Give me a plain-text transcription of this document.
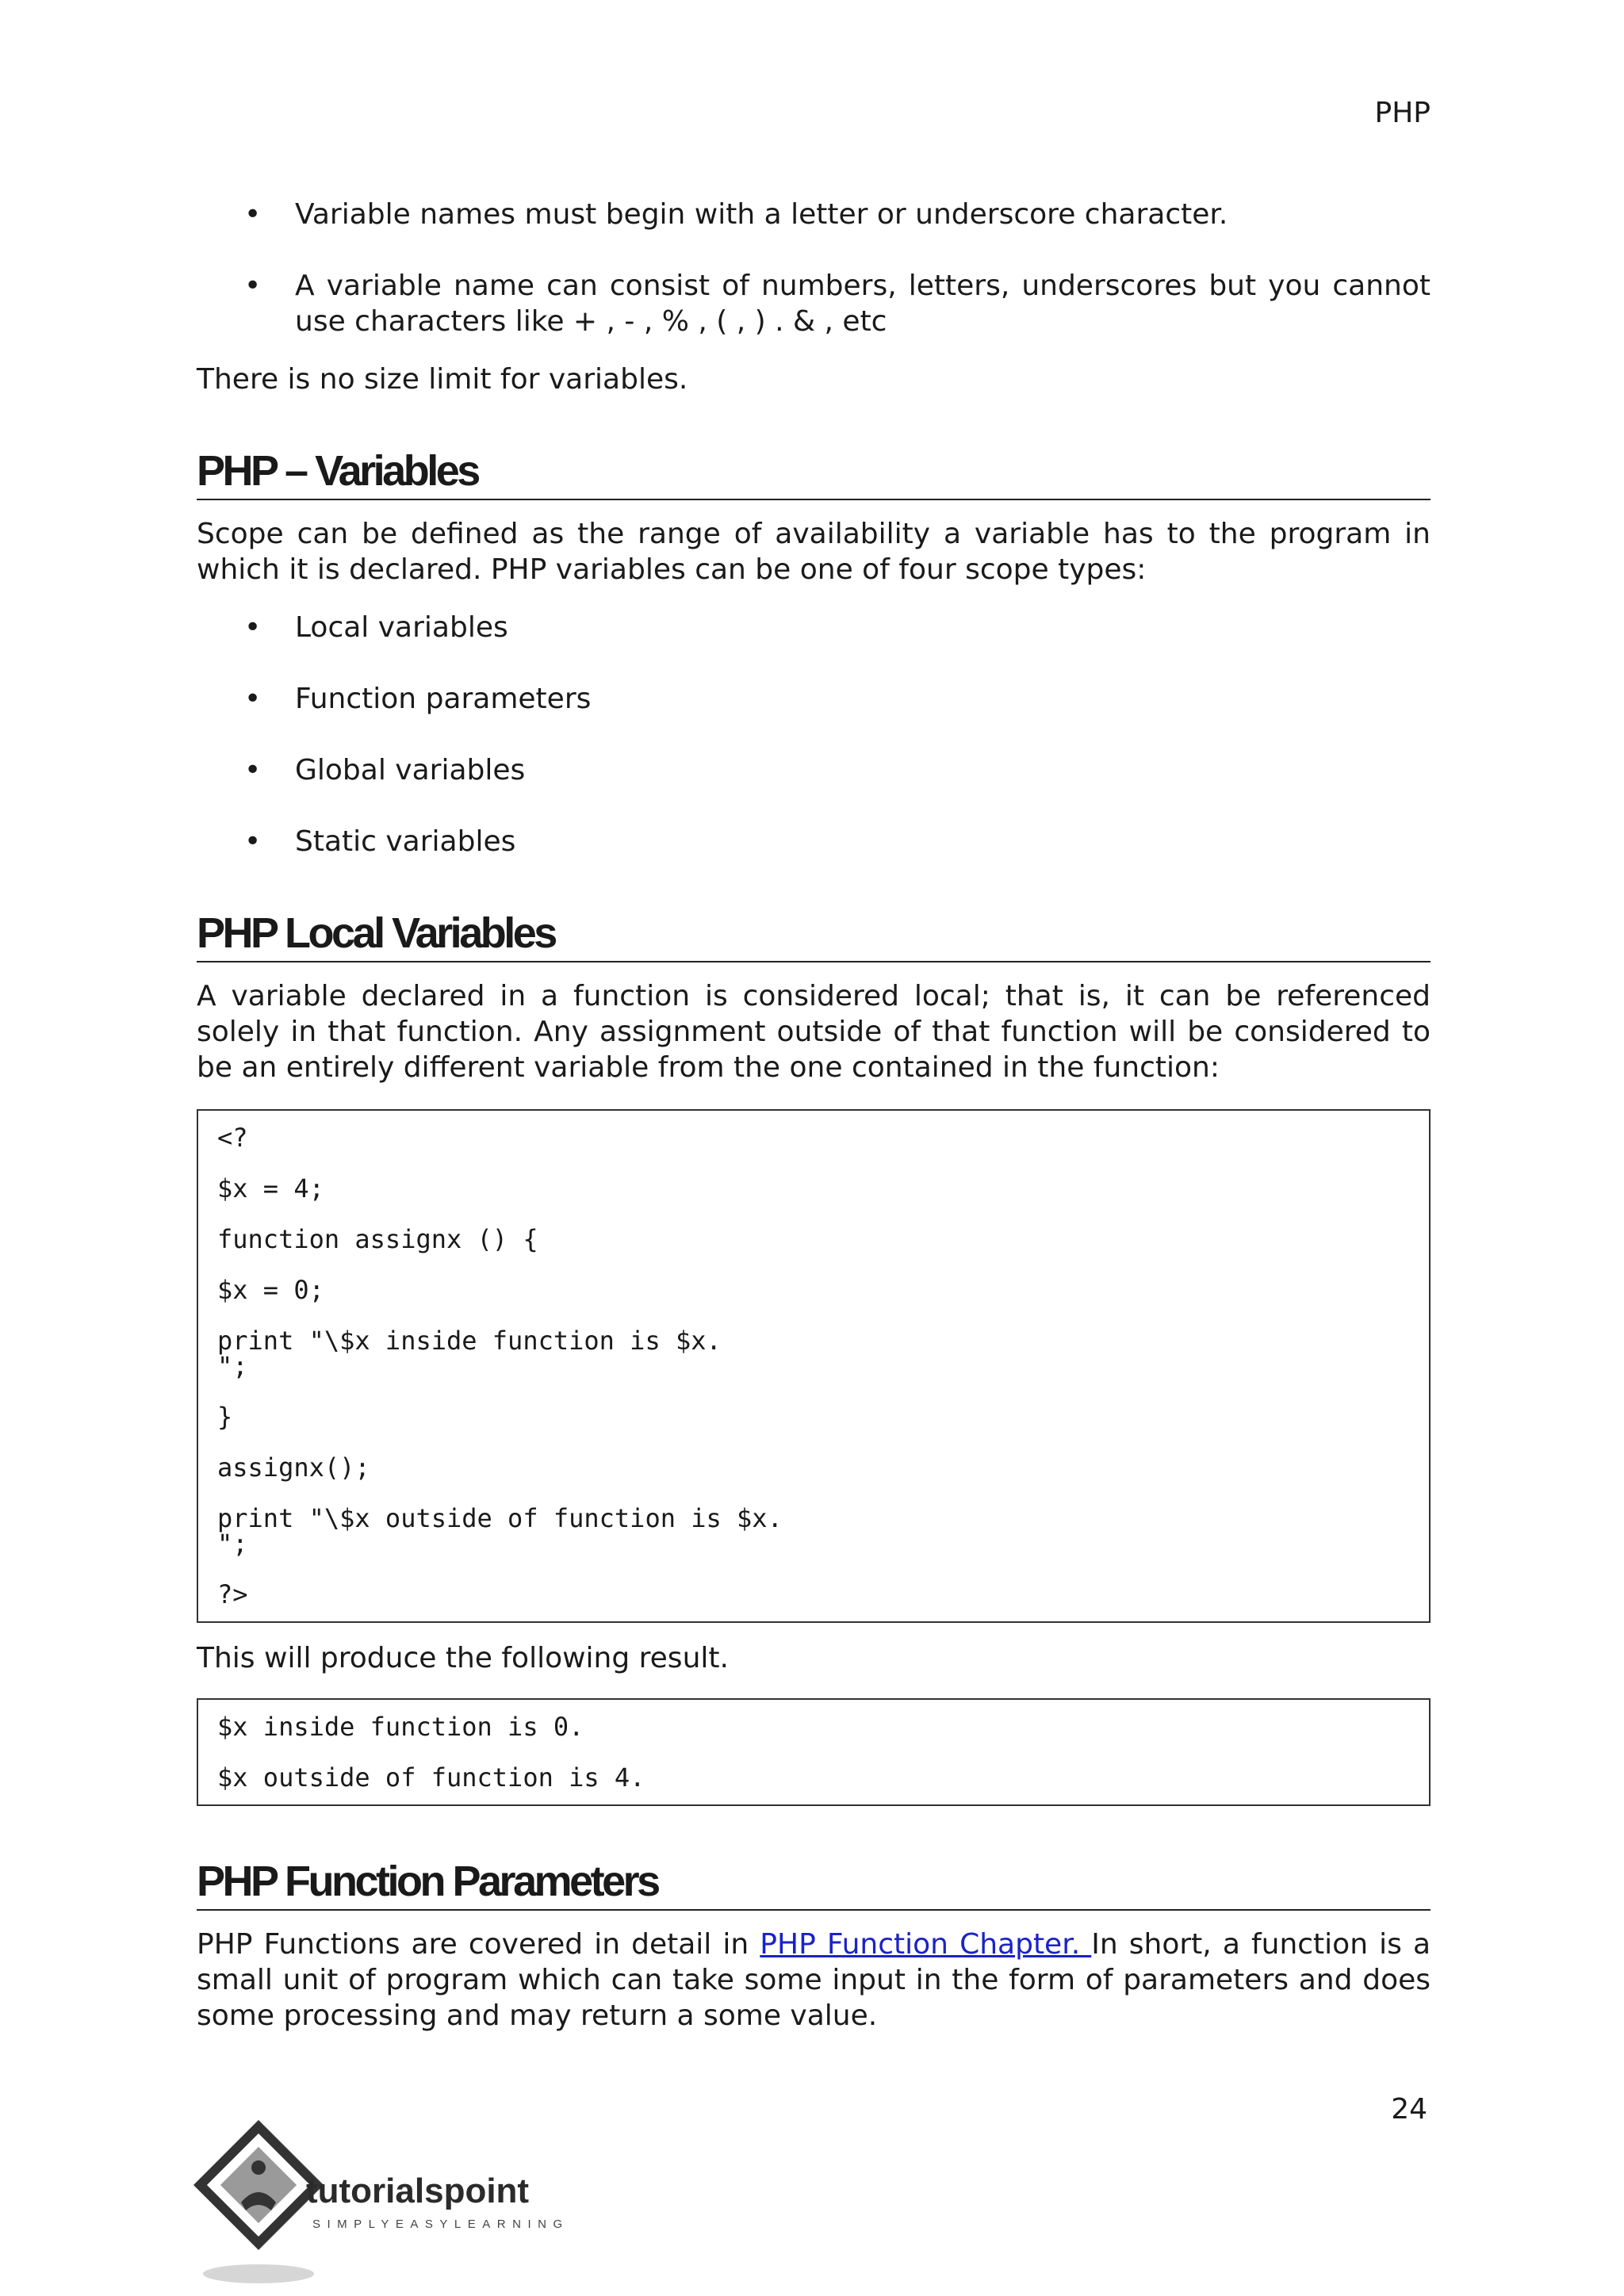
PHP
• Variable names must begin with a letter or underscore character.
• A variable name can consist of numbers, letters, underscores but you cannot use characters like + , - , % , ( , ) . & , etc

There is no size limit for variables.

PHP – Variables

Scope can be defined as the range of availability a variable has to the program in which it is declared. PHP variables can be one of four scope types:

• Local variables
• Function parameters
• Global variables
• Static variables
PHP Local Variables

A variable declared in a function is considered local; that is, it can be referenced solely in that function. Any assignment outside of that function will be considered to be an entirely different variable from the one contained in the function:

<?
$x = 4;
function assignx () {
$x = 0;
print "\$x inside function is $x.
";
}
assignx();
print "\$x outside of function is $x.
";
?>

This will produce the following result.

$x inside function is 0.
$x outside of function is 4.
PHP Function Parameters

PHP Functions are covered in detail in PHP Function Chapter. In short, a function is a small unit of program which can take some input in the form of parameters and does some processing and may return a some value.

24
tutorialspoint
SIMPLYEASYLEARNING
